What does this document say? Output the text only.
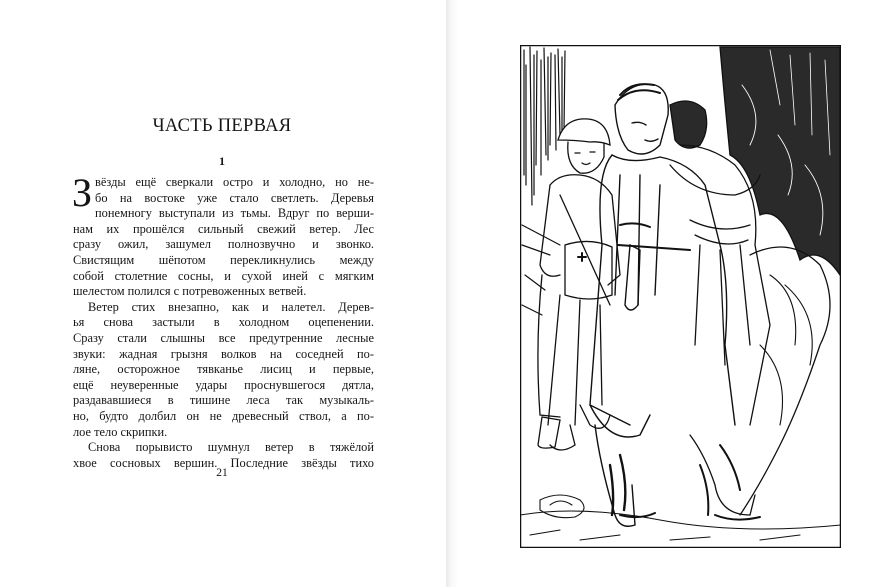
ЧАСТЬ ПЕРВАЯ
1
З вёзды ещё сверкали остро и холодно, но не-

бо на востоке уже стало светлеть. Деревья

понемногу выступали из тьмы. Вдруг по верши-

нам их прошёлся сильный свежий ветер. Лес

сразу ожил, зашумел полнозвучно и звонко.

Свистящим шёпотом перекликнулись между

собой столетние сосны, и сухой иней с мягким

шелестом полился с потревоженных ветвей.

Ветер стих внезапно, как и налетел. Дерев-

ья снова застыли в холодном оцепенении.

Сразу стали слышны все предутренние лесные

звуки: жадная грызня волков на соседней по-

ляне, осторожное тявканье лисиц и первые,

ещё неуверенные удары проснувшегося дятла,

раздававшиеся в тишине леса так музыкаль-

но, будто долбил он не древесный ствол, а по-

лое тело скрипки.

Снова порывисто шумнул ветер в тяжёлой

хвое сосновых вершин. Последние звёзды тихо

21
